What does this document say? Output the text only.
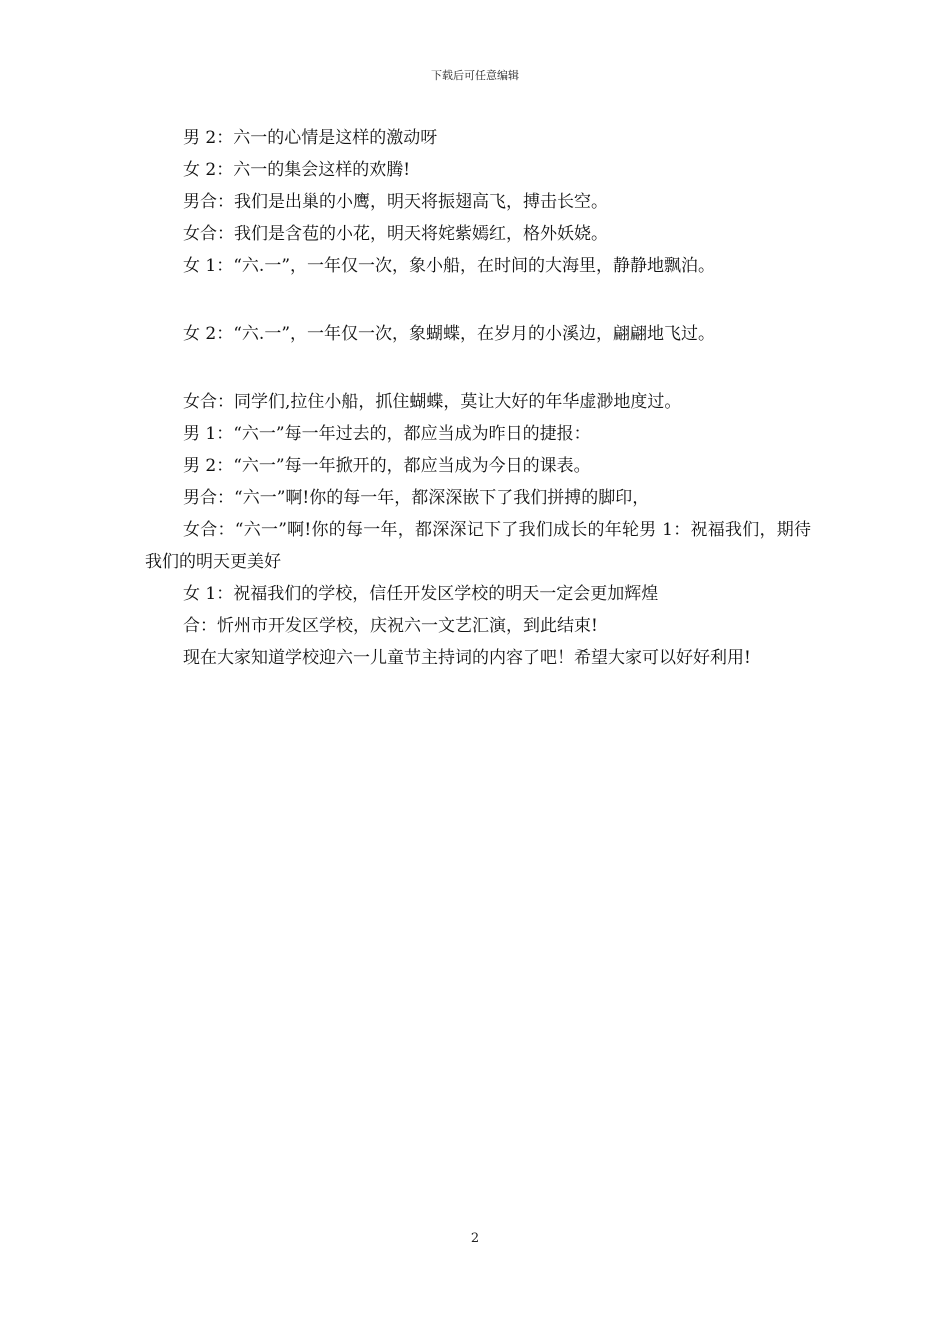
下载后可任意编辑

男 2：六一的心情是这样的激动呀

女 2：六一的集会这样的欢腾!

男合：我们是出巢的小鹰，明天将振翅高飞，搏击长空。

女合：我们是含苞的小花，明天将姹紫嫣红，格外妖娆。

女 1：“六.一”，一年仅一次，象小船，在时间的大海里，静静地飘泊。

女 2：“六.一”，一年仅一次，象蝴蝶，在岁月的小溪边，翩翩地飞过。

女合：同学们,拉住小船，抓住蝴蝶，莫让大好的年华虚渺地度过。

男 1：“六一”每一年过去的，都应当成为昨日的捷报：

男 2：“六一”每一年掀开的，都应当成为今日的课表。

男合：“六一”啊!你的每一年，都深深嵌下了我们拼搏的脚印，

女合：“六一”啊!你的每一年，都深深记下了我们成长的年轮男 1：祝福我们，期待我们的明天更美好

女 1：祝福我们的学校，信任开发区学校的明天一定会更加辉煌

合：忻州市开发区学校，庆祝六一文艺汇演，到此结束!

现在大家知道学校迎六一儿童节主持词的内容了吧！希望大家可以好好利用!

2
